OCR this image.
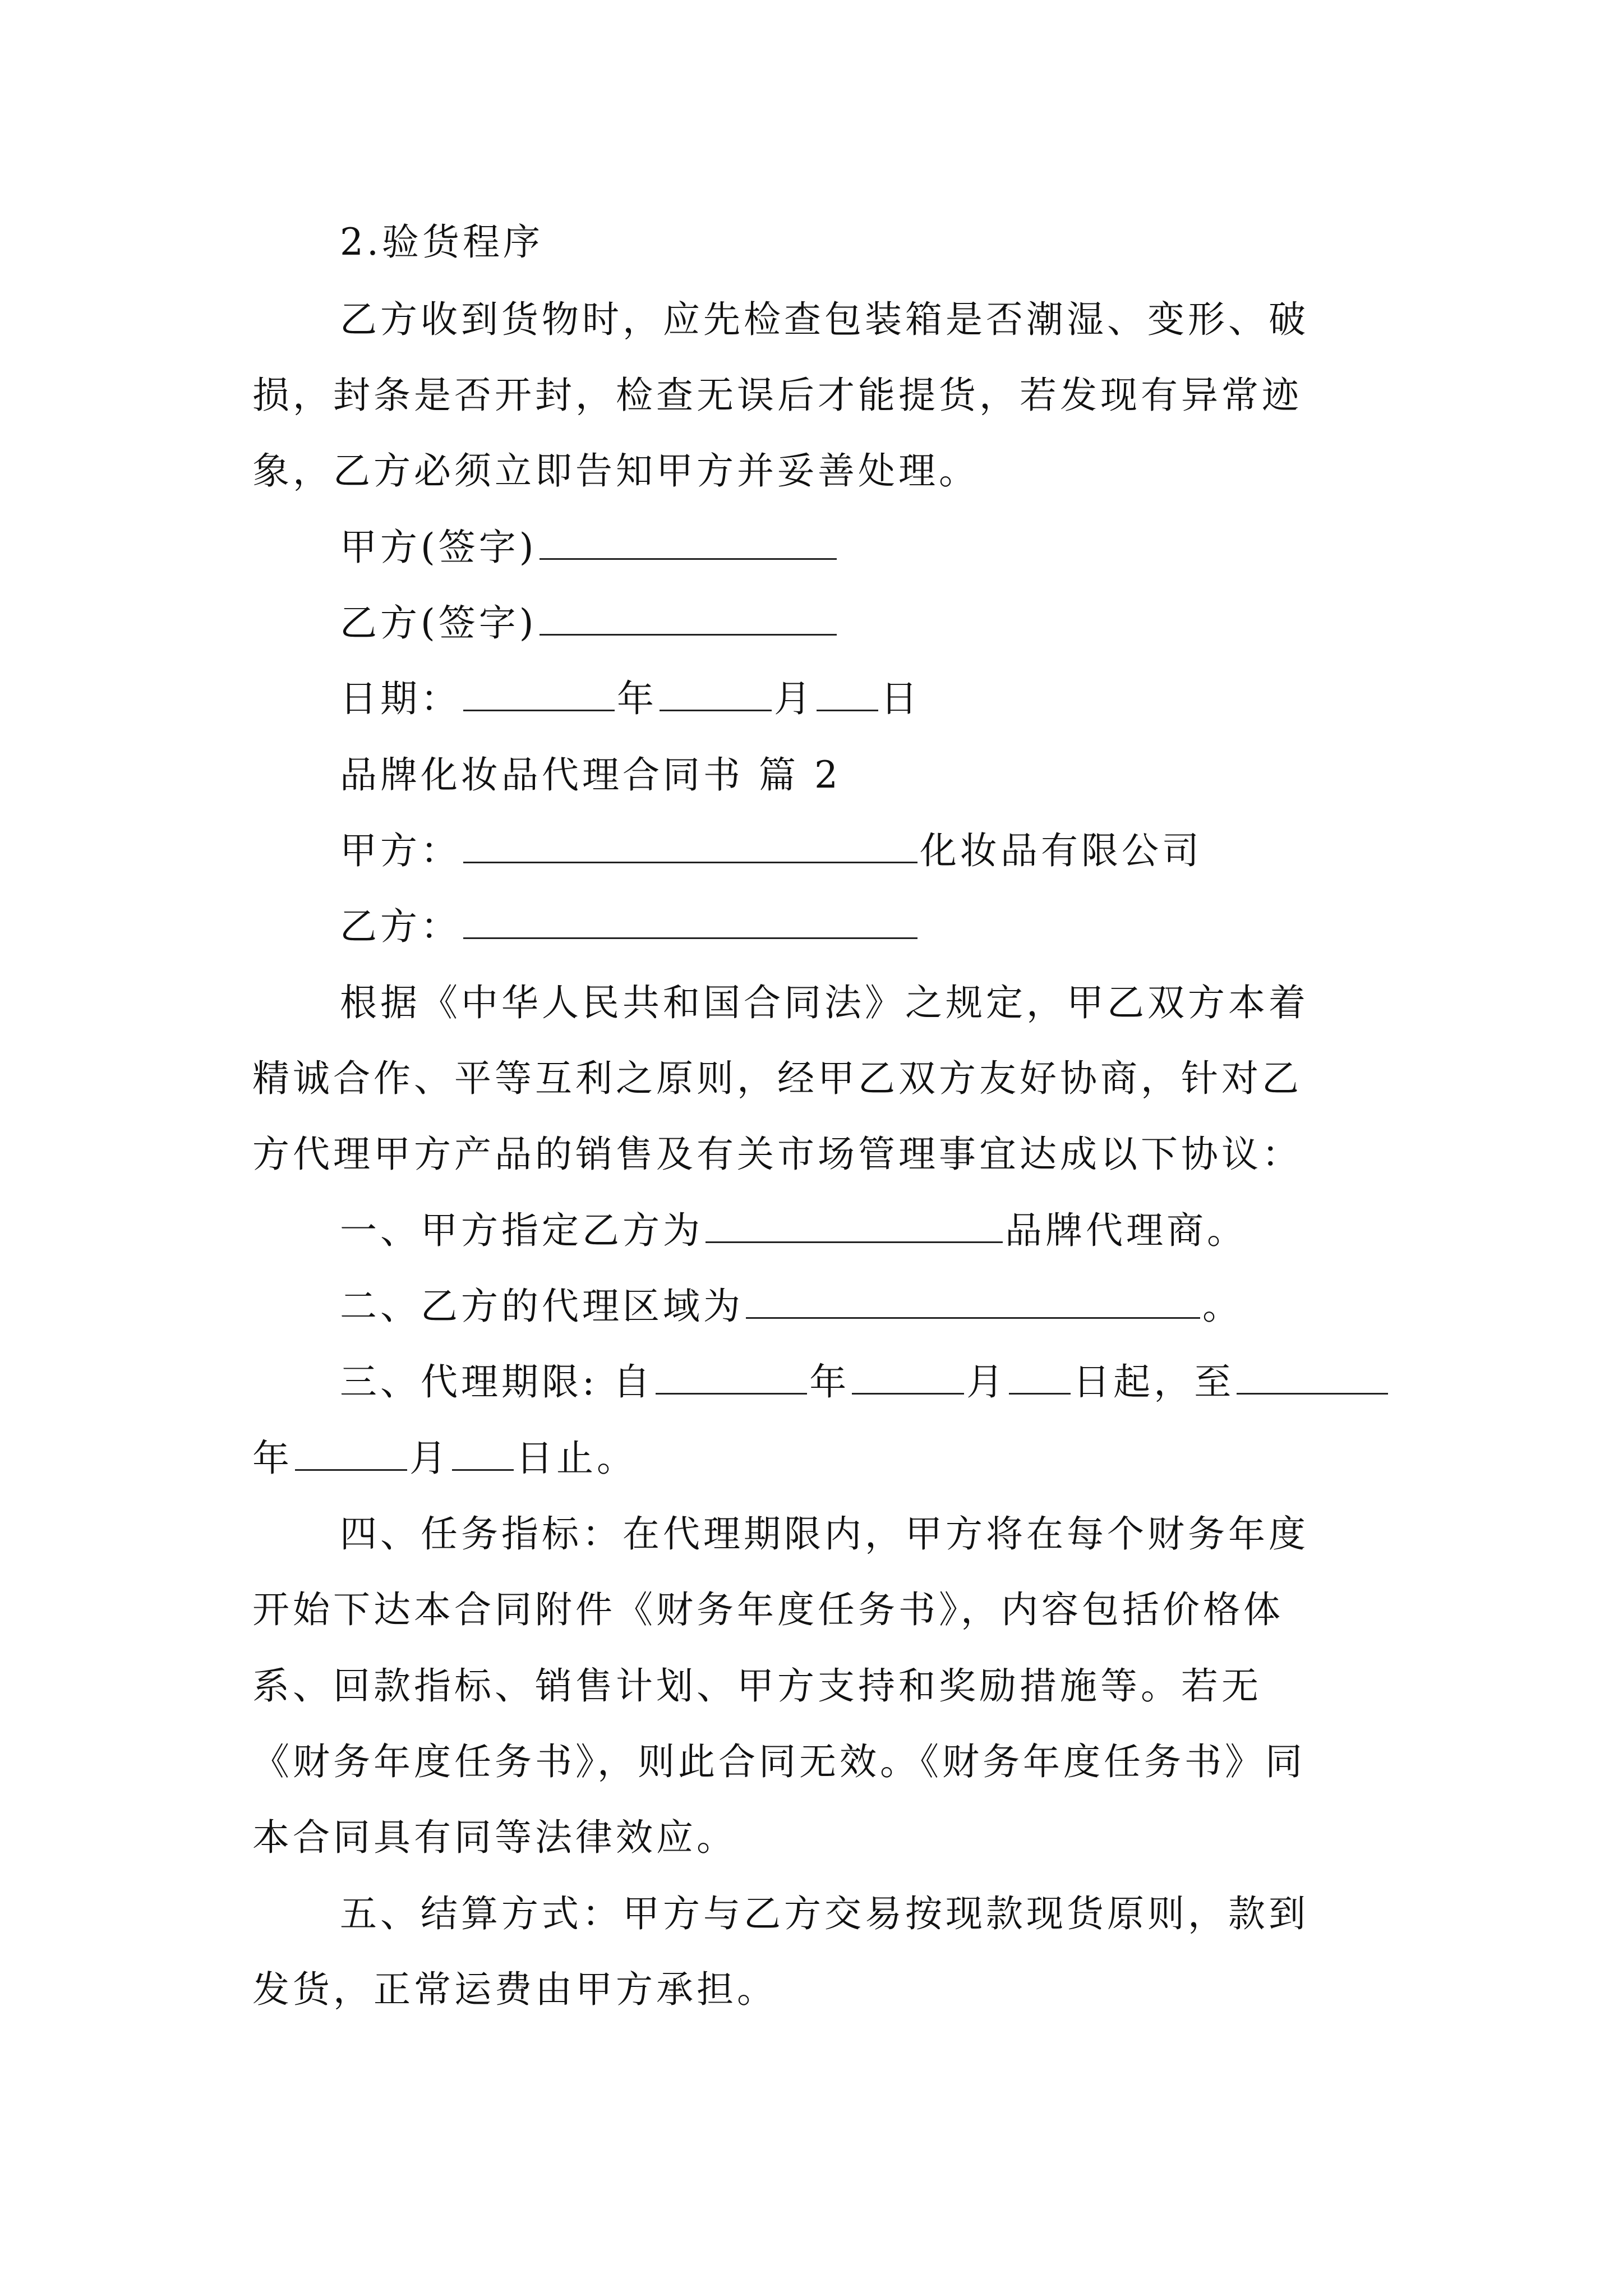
2.验货程序
乙方收到货物时，应先检查包装箱是否潮湿、变形、破
损，封条是否开封，检查无误后才能提货，若发现有异常迹
象，乙方必须立即告知甲方并妥善处理。
甲方(签字)
乙方(签字)
日期：	年	月 日
品牌化妆品代理合同书 篇 2
甲方：	化妆品有限公司
乙方：
根据《中华人民共和国合同法》之规定，甲乙双方本着
精诚合作、平等互利之原则，经甲乙双方友好协商，针对乙
方代理甲方产品的销售及有关市场管理事宜达成以下协议：
一、甲方指定乙方为	品牌代理商。
二、乙方的代理区域为	。
三、代理期限: 自	年	月 日起，至
年	月 日止。
四、任务指标：在代理期限内，甲方将在每个财务年度
开始下达本合同附件《财务年度任务书》，内容包括价格体
系、回款指标、销售计划、甲方支持和奖励措施等。若无
《财务年度任务书》，则此合同无效。《财务年度任务书》同
本合同具有同等法律效应。
五、结算方式：甲方与乙方交易按现款现货原则，款到
发货，正常运费由甲方承担。
